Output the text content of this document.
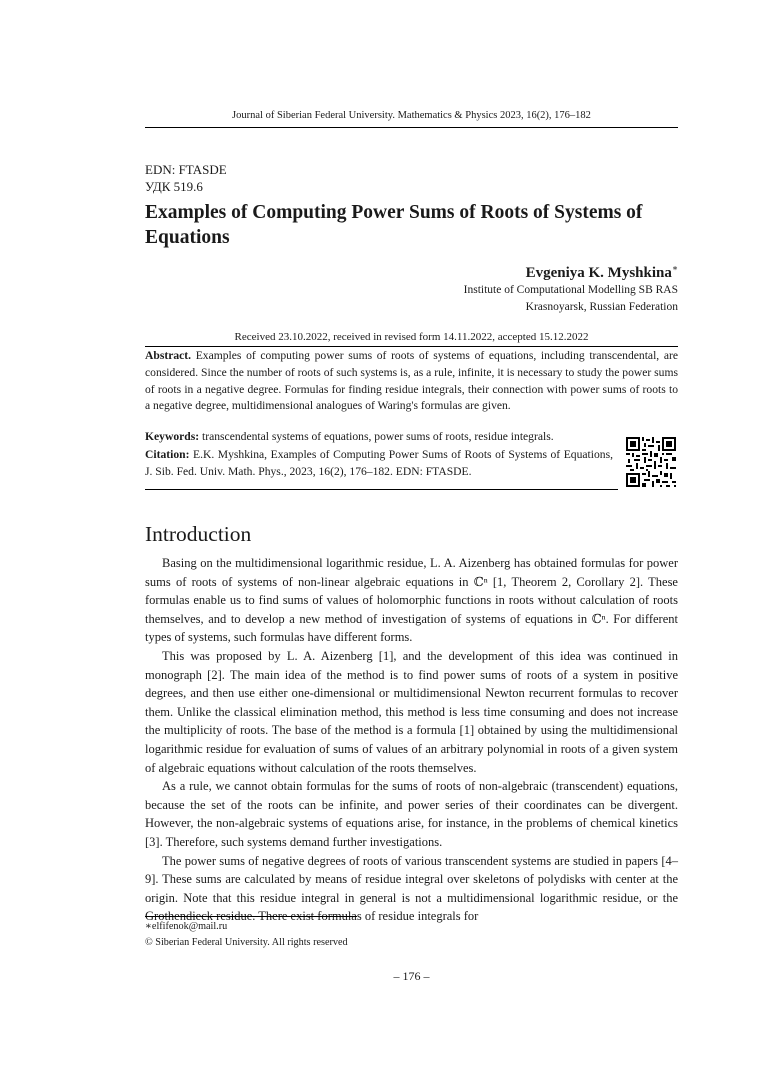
Journal of Siberian Federal University. Mathematics & Physics 2023, 16(2), 176–182
EDN: FTASDE
УДК 519.6
Examples of Computing Power Sums of Roots of Systems of Equations
Evgeniya K. Myshkina∗
Institute of Computational Modelling SB RAS
Krasnoyarsk, Russian Federation
Received 23.10.2022, received in revised form 14.11.2022, accepted 15.12.2022
Abstract. Examples of computing power sums of roots of systems of equations, including transcendental, are considered. Since the number of roots of such systems is, as a rule, infinite, it is necessary to study the power sums of roots in a negative degree. Formulas for finding residue integrals, their connection with power sums of roots to a negative degree, multidimensional analogues of Waring's formulas are given.
Keywords: transcendental systems of equations, power sums of roots, residue integrals.
Citation: E.K. Myshkina, Examples of Computing Power Sums of Roots of Systems of Equations, J. Sib. Fed. Univ. Math. Phys., 2023, 16(2), 176–182. EDN: FTASDE.
Introduction

Basing on the multidimensional logarithmic residue, L. A. Aizenberg has obtained formulas for power sums of roots of systems of non-linear algebraic equations in ℂⁿ [1, Theorem 2, Corollary 2]. These formulas enable us to find sums of values of holomorphic functions in roots without calculation of roots themselves, and to develop a new method of investigation of systems of equations in ℂⁿ. For different types of systems, such formulas have different forms.

This was proposed by L. A. Aizenberg [1], and the development of this idea was continued in monograph [2]. The main idea of the method is to find power sums of roots of a system in positive degrees, and then use either one-dimensional or multidimensional Newton recurrent formulas to recover them. Unlike the classical elimination method, this method is less time consuming and does not increase the multiplicity of roots. The base of the method is a formula [1] obtained by using the multidimensional logarithmic residue for evaluation of sums of values of an arbitrary polynomial in roots of a given system of algebraic equations without calculation of the roots themselves.

As a rule, we cannot obtain formulas for the sums of roots of non-algebraic (transcendent) equations, because the set of the roots can be infinite, and power series of their coordinates can be divergent. However, the non-algebraic systems of equations arise, for instance, in the problems of chemical kinetics [3]. Therefore, such systems demand further investigations.

The power sums of negative degrees of roots of various transcendent systems are studied in papers [4–9]. These sums are calculated by means of residue integral over skeletons of polydisks with center at the origin. Note that this residue integral in general is not a multidimensional logarithmic residue, or the Grothendieck residue. There exist formulas of residue integrals for

∗elfifenok@mail.ru
© Siberian Federal University. All rights reserved
– 176 –
